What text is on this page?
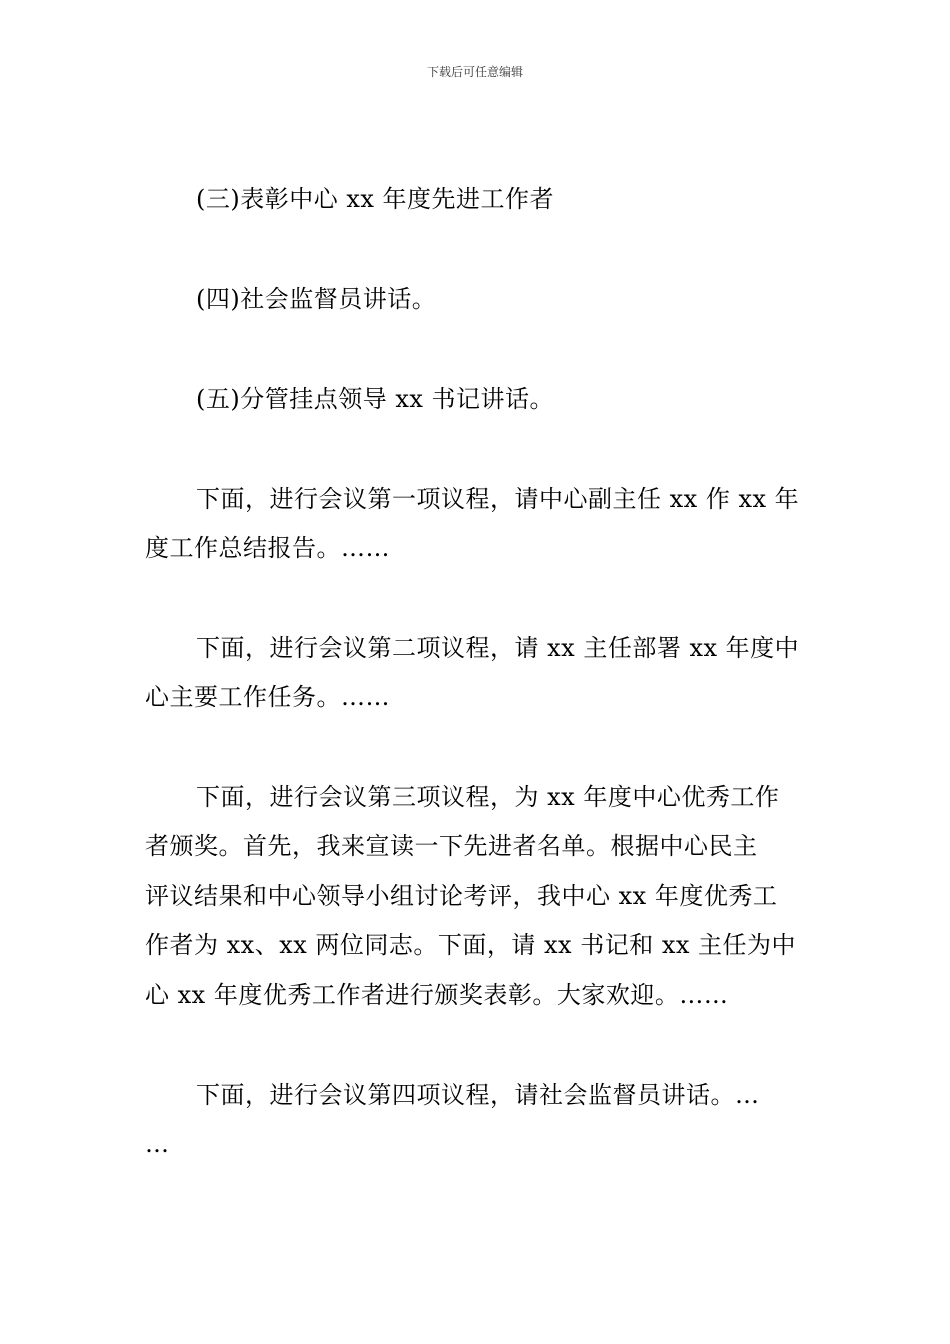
下载后可任意编辑
(三)表彰中心 xx 年度先进工作者
(四)社会监督员讲话。
(五)分管挂点领导 xx 书记讲话。
下面，进行会议第一项议程，请中心副主任 xx 作 xx 年
度工作总结报告。……
下面，进行会议第二项议程，请 xx 主任部署 xx 年度中
心主要工作任务。……
下面，进行会议第三项议程，为 xx 年度中心优秀工作
者颁奖。首先，我来宣读一下先进者名单。根据中心民主
评议结果和中心领导小组讨论考评，我中心 xx 年度优秀工
作者为 xx、xx 两位同志。下面，请 xx 书记和 xx 主任为中
心 xx 年度优秀工作者进行颁奖表彰。大家欢迎。……
下面，进行会议第四项议程，请社会监督员讲话。…
…
